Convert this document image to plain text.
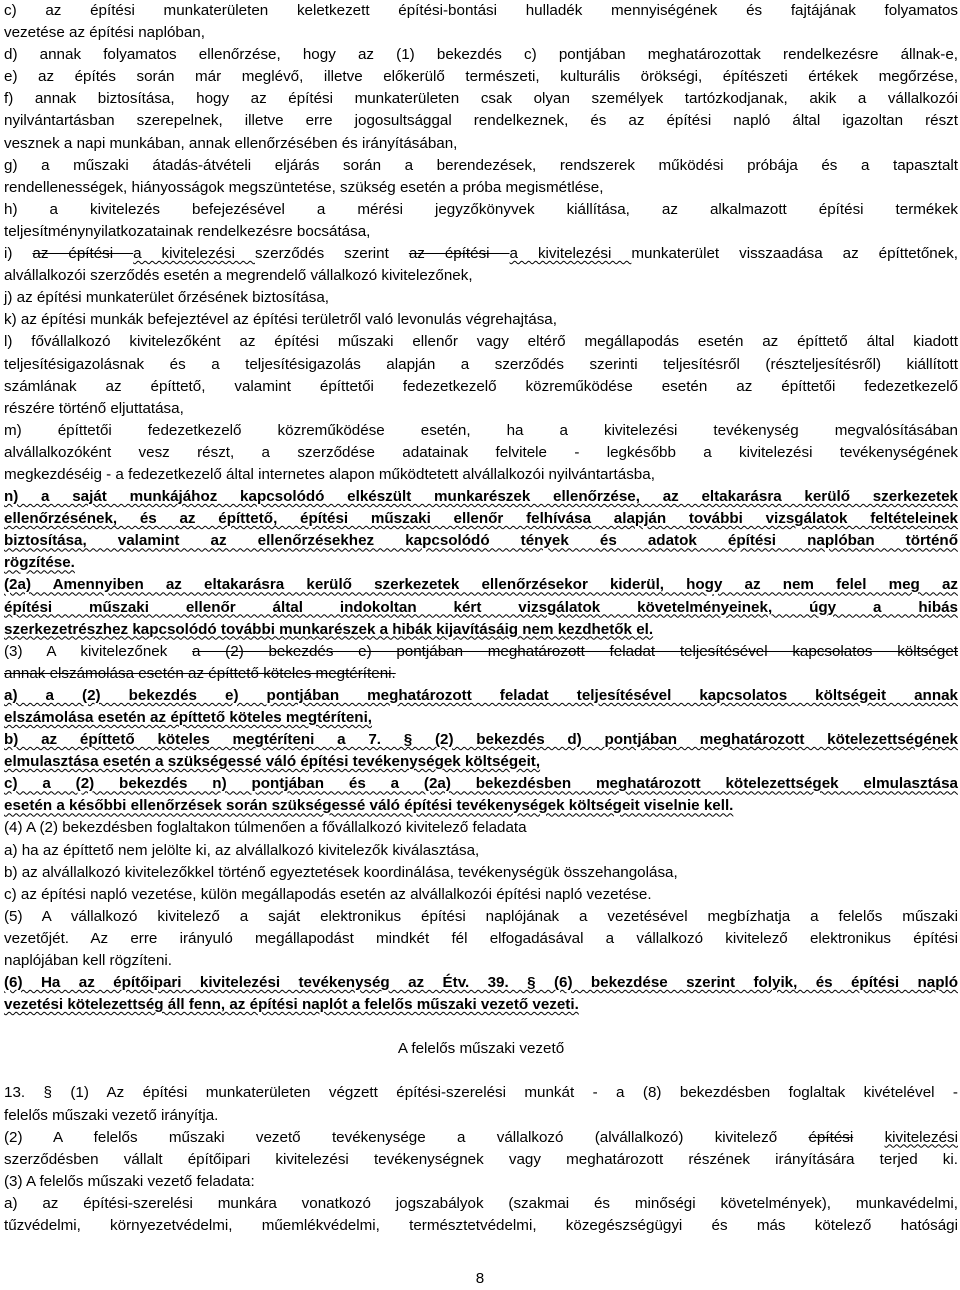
c) az építési munkaterületen keletkezett építési-bontási hulladék mennyiségének és fajtájának folyamatos
vezetése az építési naplóban,
d) annak folyamatos ellenőrzése, hogy az (1) bekezdés c) pontjában meghatározottak rendelkezésre állnak-e,
e) az építés során már meglévő, illetve előkerülő természeti, kulturális örökségi, építészeti értékek megőrzése,
f) annak biztosítása, hogy az építési munkaterületen csak olyan személyek tartózkodjanak, akik a vállalkozói
nyilvántartásban szerepelnek, illetve erre jogosultsággal rendelkeznek, és az építési napló által igazoltan részt
vesznek a napi munkában, annak ellenőrzésében és irányításában,
g) a műszaki átadás-átvételi eljárás során a berendezések, rendszerek működési próbája és a tapasztalt
rendellenességek, hiányosságok megszüntetése, szükség esetén a próba megismétlése,
h) a kivitelezés befejezésével a mérési jegyzőkönyvek kiállítása, az alkalmazott építési termékek
teljesítménynyilatkozatainak rendelkezésre bocsátása,
i) az építési a kivitelezési szerződés szerint az építési a kivitelezési munkaterület visszaadása az építtetőnek,
alvállalkozói szerződés esetén a megrendelő vállalkozó kivitelezőnek,
j) az építési munkaterület őrzésének biztosítása,
k) az építési munkák befejeztével az építési területről való levonulás végrehajtása,
l) fővállalkozó kivitelezőként az építési műszaki ellenőr vagy eltérő megállapodás esetén az építtető által kiadott
teljesítésigazolásnak és a teljesítésigazolás alapján a szerződés szerinti teljesítésről (részteljesítésről) kiállított
számlának az építtető, valamint építtetői fedezetkezelő közreműködése esetén az építtetői fedezetkezelő
részére történő eljuttatása,
m) építtetői fedezetkezelő közreműködése esetén, ha a kivitelezési tevékenység megvalósításában
alvállalkozóként vesz részt, a szerződése adatainak felvitele - legkésőbb a kivitelezési tevékenységének
megkezdéséig - a fedezetkezelő által internetes alapon működtetett alvállalkozói nyilvántartásba,
n) a saját munkájához kapcsolódó elkészült munkarészek ellenőrzése, az eltakarásra kerülő szerkezetek
ellenőrzésének, és az építtető, építési műszaki ellenőr felhívása alapján további vizsgálatok feltételeinek
biztosítása, valamint az ellenőrzésekhez kapcsolódó tények és adatok építési naplóban történő
rögzítése.
(2a) Amennyiben az eltakarásra kerülő szerkezetek ellenőrzésekor kiderül, hogy az nem felel meg az
építési műszaki ellenőr által indokoltan kért vizsgálatok követelményeinek, úgy a hibás
szerkezetrészhez kapcsolódó további munkarészek a hibák kijavításáig nem kezdhetők el.
(3) A kivitelezőnek a (2) bekezdés e) pontjában meghatározott feladat teljesítésével kapcsolatos költséget
annak elszámolása esetén az építtető köteles megtéríteni.
a) a (2) bekezdés e) pontjában meghatározott feladat teljesítésével kapcsolatos költségeit annak
elszámolása esetén az építtető köteles megtéríteni,
b) az építtető köteles megtéríteni a 7. § (2) bekezdés d) pontjában meghatározott kötelezettségének
elmulasztása esetén a szükségessé váló építési tevékenységek költségeit,
c) a (2) bekezdés n) pontjában és a (2a) bekezdésben meghatározott kötelezettségek elmulasztása
esetén a későbbi ellenőrzések során szükségessé váló építési tevékenységek költségeit viselnie kell.
(4) A (2) bekezdésben foglaltakon túlmenően a fővállalkozó kivitelező feladata
a) ha az építtető nem jelölte ki, az alvállalkozó kivitelezők kiválasztása,
b) az alvállalkozó kivitelezőkkel történő egyeztetések koordinálása, tevékenységük összehangolása,
c) az építési napló vezetése, külön megállapodás esetén az alvállalkozói építési napló vezetése.
(5) A vállalkozó kivitelező a saját elektronikus építési naplójának a vezetésével megbízhatja a felelős műszaki
vezetőjét. Az erre irányuló megállapodást mindkét fél elfogadásával a vállalkozó kivitelező elektronikus építési
naplójában kell rögzíteni.
(6) Ha az építőipari kivitelezési tevékenység az Étv. 39. § (6) bekezdése szerint folyik, és építési napló
vezetési kötelezettség áll fenn, az építési naplót a felelős műszaki vezető vezeti.
A felelős műszaki vezető
13. § (1) Az építési munkaterületen végzett építési-szerelési munkát - a (8) bekezdésben foglaltak kivételével -
felelős műszaki vezető irányítja.
(2) A felelős műszaki vezető tevékenysége a vállalkozó (alvállalkozó) kivitelező építési kivitelezési
szerződésben vállalt építőipari kivitelezési tevékenységnek vagy meghatározott részének irányítására terjed ki.
(3) A felelős műszaki vezető feladata:
a) az építési-szerelési munkára vonatkozó jogszabályok (szakmai és minőségi követelmények), munkavédelmi,
tűzvédelmi, környezetvédelmi, műemlékvédelmi, természtetvédelmi, közegészségügyi és más kötelező hatósági
8
